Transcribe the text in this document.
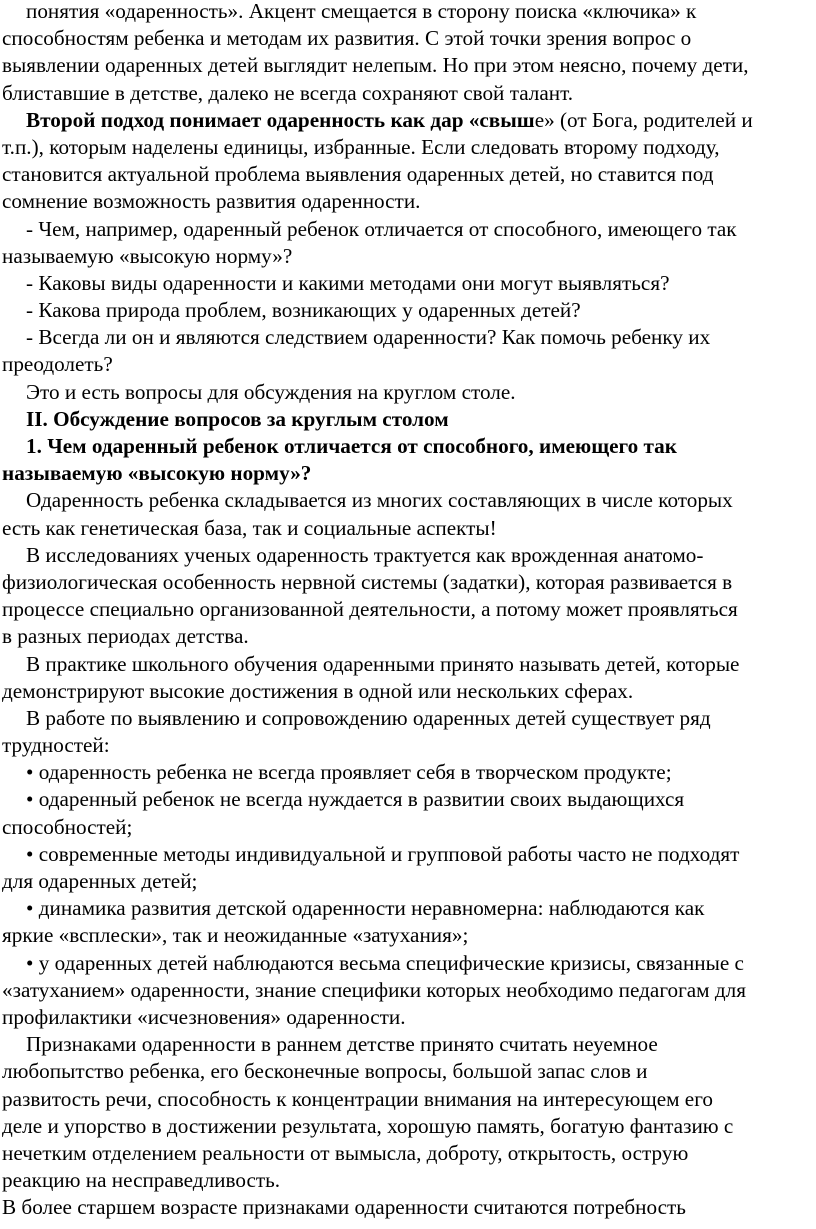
понятия «одаренность». Акцент смещается в сторону поиска «ключика» к
способностям ребенка и методам их развития. С этой точки зрения вопрос о
выявлении одаренных детей выглядит нелепым. Но при этом неясно, почему дети,
блиставшие в детстве, далеко не всегда сохраняют свой талант.
Второй подход понимает одаренность как дар «свыше» (от Бога, родителей и
т.п.), которым наделены единицы, избранные. Если следовать второму подходу,
становится актуальной проблема выявления одаренных детей, но ставится под
сомнение возможность развития одаренности.
- Чем, например, одаренный ребенок отличается от способного, имеющего так
называемую «высокую норму»?
- Каковы виды одаренности и какими методами они могут выявляться?
- Какова природа проблем, возникающих у одаренных детей?
- Всегда ли он и являются следствием одаренности? Как помочь ребенку их
преодолеть?
Это и есть вопросы для обсуждения на круглом столе.
II. Обсуждение вопросов за круглым столом
1. Чем одаренный ребенок отличается от способного, имеющего так
называемую «высокую норму»?
Одаренность ребенка складывается из многих составляющих в числе которых
есть как генетическая база, так и социальные аспекты!
В исследованиях ученых одаренность трактуется как врожденная анатомо-
физиологическая особенность нервной системы (задатки), которая развивается в
процессе специально организованной деятельности, а потому может проявляться
в разных периодах детства.
В практике школьного обучения одаренными принято называть детей, которые
демонстрируют высокие достижения в одной или нескольких сферах.
В работе по выявлению и сопровождению одаренных детей существует ряд
трудностей:
• одаренность ребенка не всегда проявляет себя в творческом продукте;
• одаренный ребенок не всегда нуждается в развитии своих выдающихся
способностей;
• современные методы индивидуальной и групповой работы часто не подходят
для одаренных детей;
• динамика развития детской одаренности неравномерна: наблюдаются как
яркие «всплески», так и неожиданные «затухания»;
• у одаренных детей наблюдаются весьма специфические кризисы, связанные с
«затуханием» одаренности, знание специфики которых необходимо педагогам для
профилактики «исчезновения» одаренности.
Признаками одаренности в раннем детстве принято считать неуемное
любопытство ребенка, его бесконечные вопросы, большой запас слов и
развитость речи, способность к концентрации внимания на интересующем его
деле и упорство в достижении результата, хорошую память, богатую фантазию с
нечетким отделением реальности от вымысла, доброту, открытость, острую
реакцию на несправедливость.
В более старшем возрасте признаками одаренности считаются потребность
